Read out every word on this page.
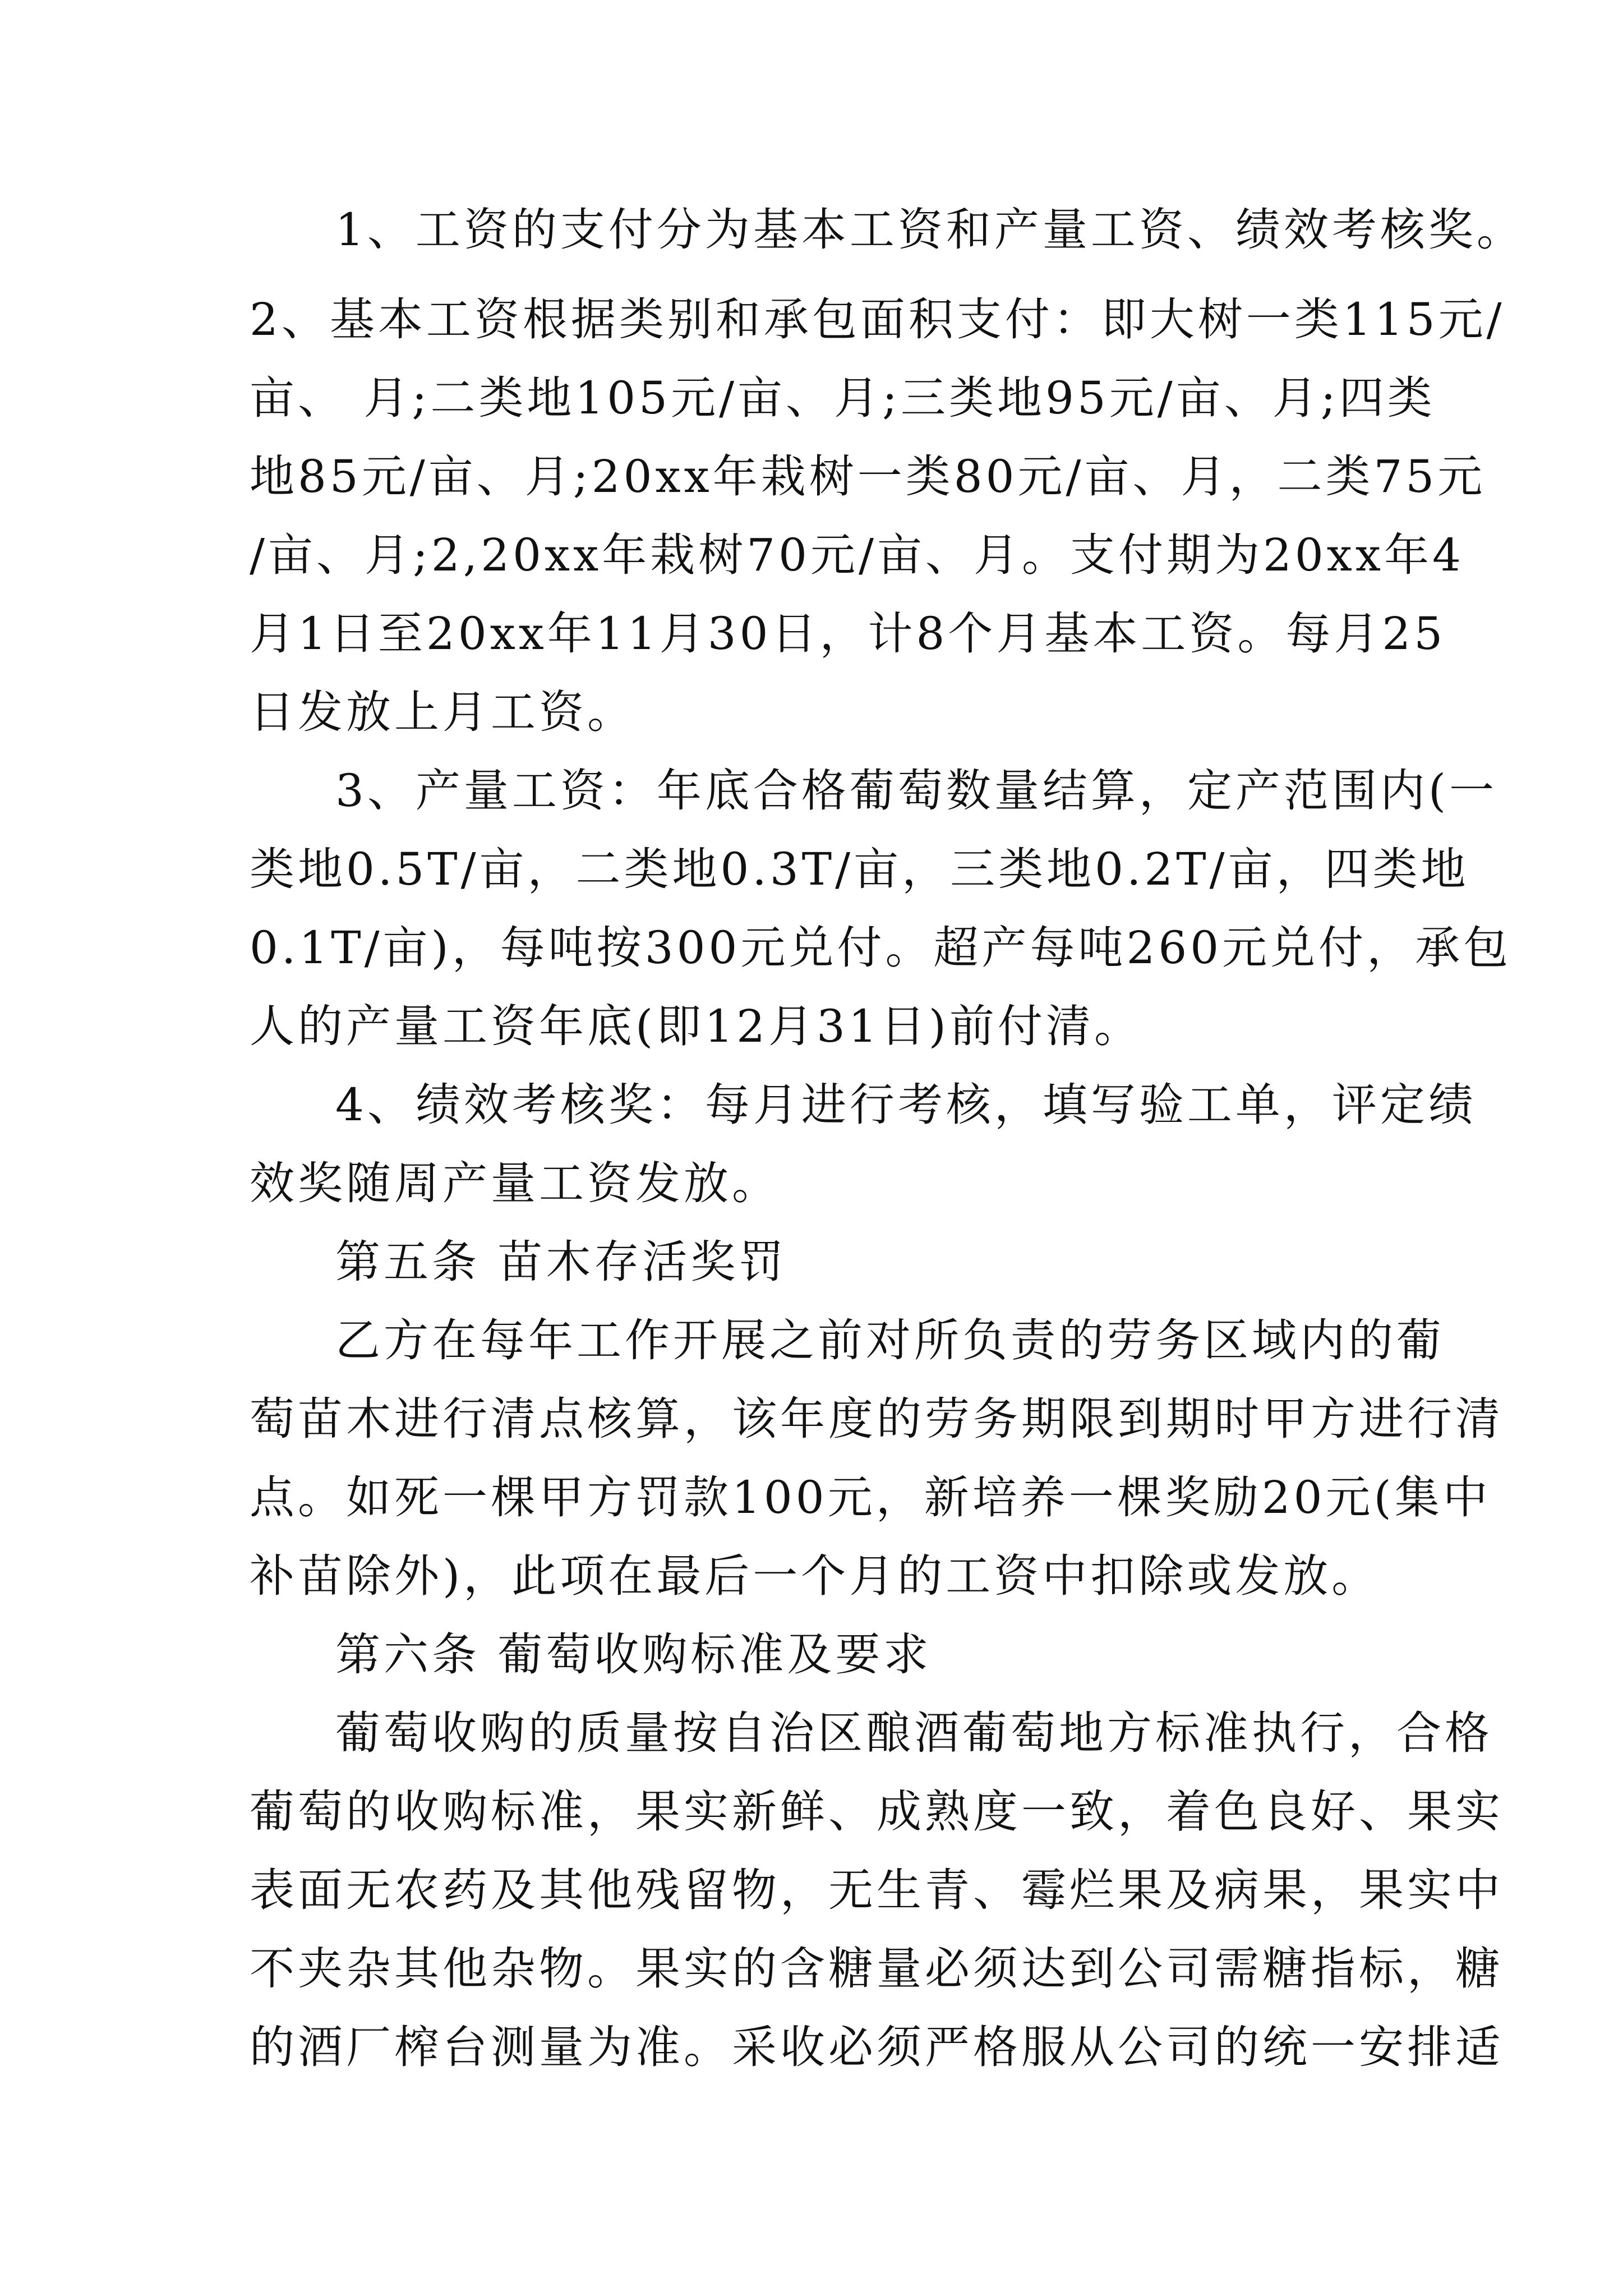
1、工资的支付分为基本工资和产量工资、绩效考核奖。
2、基本工资根据类别和承包面积支付：即大树一类115元/
亩、 月;二类地105元/亩、月;三类地95元/亩、月;四类
地85元/亩、月;20xx年栽树一类80元/亩、月，二类75元
/亩、月;2,20xx年栽树70元/亩、月。支付期为20xx年4
月1日至20xx年11月30日，计8个月基本工资。每月25
日发放上月工资。
3、产量工资：年底合格葡萄数量结算，定产范围内(一
类地0.5T/亩，二类地0.3T/亩，三类地0.2T/亩，四类地
0.1T/亩)，每吨按300元兑付。超产每吨260元兑付，承包
人的产量工资年底(即12月31日)前付清。
4、绩效考核奖：每月进行考核，填写验工单，评定绩
效奖随周产量工资发放。
第五条 苗木存活奖罚
乙方在每年工作开展之前对所负责的劳务区域内的葡
萄苗木进行清点核算，该年度的劳务期限到期时甲方进行清
点。如死一棵甲方罚款100元，新培养一棵奖励20元(集中
补苗除外)，此项在最后一个月的工资中扣除或发放。
第六条 葡萄收购标准及要求
葡萄收购的质量按自治区酿酒葡萄地方标准执行，合格
葡萄的收购标准，果实新鲜、成熟度一致，着色良好、果实
表面无农药及其他残留物，无生青、霉烂果及病果，果实中
不夹杂其他杂物。果实的含糖量必须达到公司需糖指标，糖
的酒厂榨台测量为准。采收必须严格服从公司的统一安排适
